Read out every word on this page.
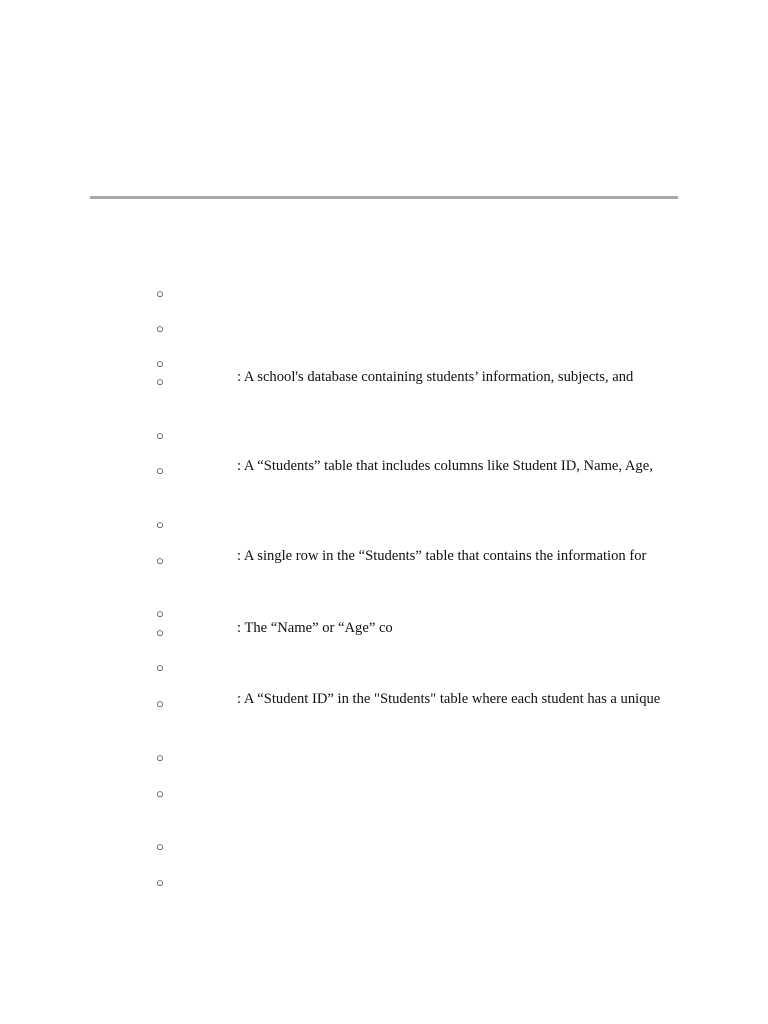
○
○
○
○	: A school's database containing students’ information, subjects, and
○
○	: A “Students” table that includes columns like Student ID, Name, Age,
○
○	: A single row in the “Students” table that contains the information for
○
○	: The “Name” or “Age” co
○
○	: A “Student ID” in the "Students" table where each student has a unique
○
○
○
○
